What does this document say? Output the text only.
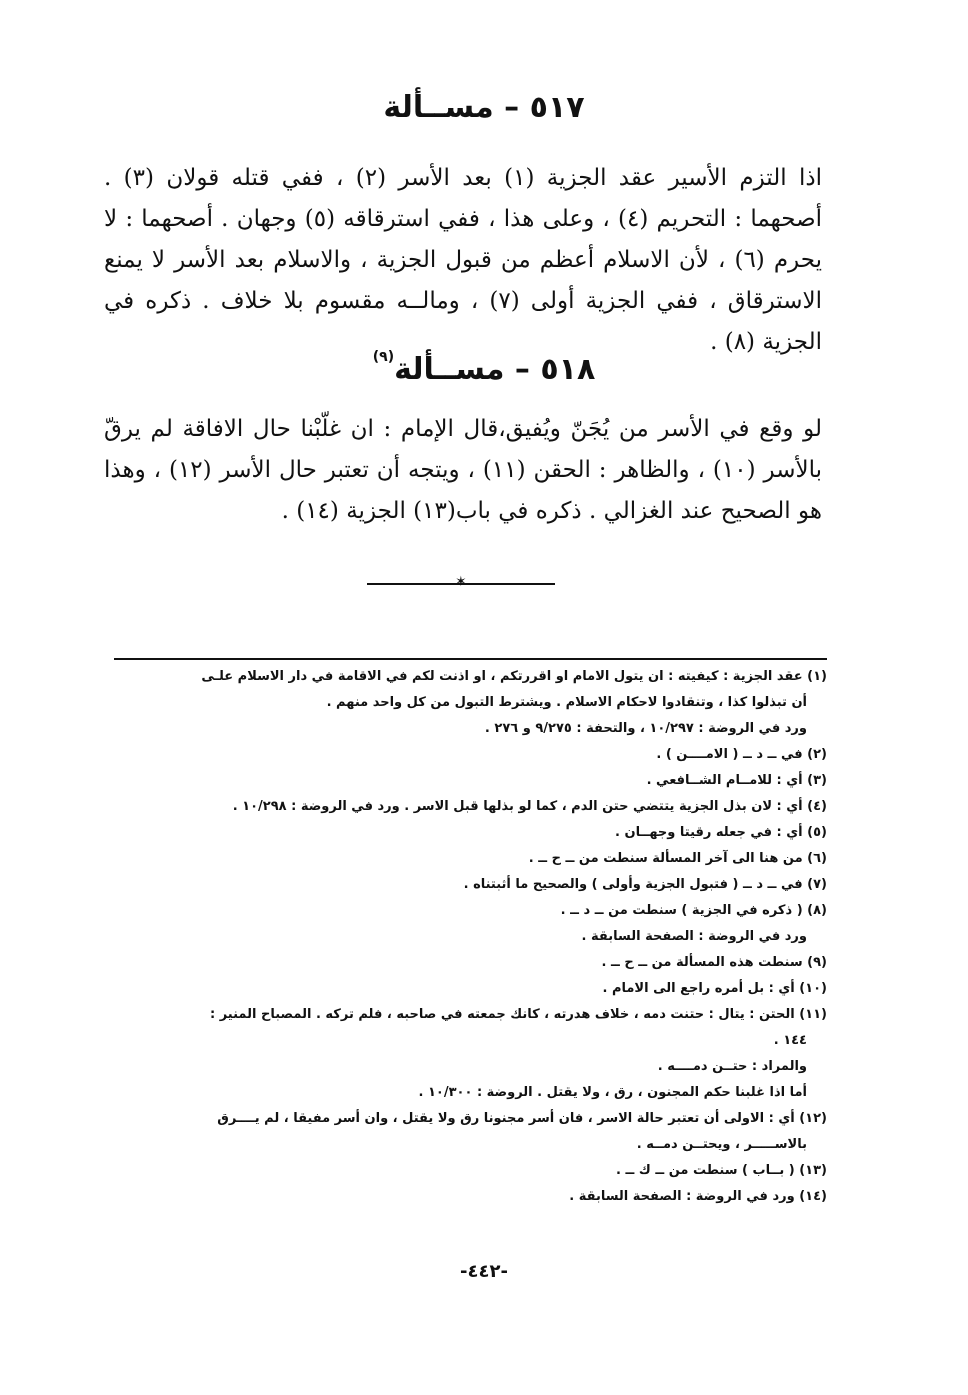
٥١٧ – مســألة
اذا التزم الأسير عقد الجزية (١) بعد الأسر (٢) ، ففي قتله قولان (٣) . أصحهما : التحريم (٤) ، وعلى هذا ، ففي استرقاقه (٥) وجهان . أصحهما : لا يحرم (٦) ، لأن الاسلام أعظم من قبول الجزية ، والاسلام بعد الأسر لا يمنع الاسترقاق ، ففي الجزية أولى (٧) ، ومالــه مقسوم بلا خلاف . ذكره في الجزية (٨) .
٥١٨ – مســألة$^{(٩)}$
لو وقع في الأسر من يُجَنّ ويُفيق،قال الإمام : ان غلّبْنا حال الافاقة لم يرقّ بالأسر (١٠) ، والظاهر : الحقن (١١) ، ويتجه أن تعتبر حال الأسر (١٢) ، وهذا هو الصحيح عند الغزالي . ذكره في باب(١٣) الجزية (١٤) .
✶
(١) عقد الجزية : كيفيته : ان يتول الامام او اقررتكم ، او اذنت لكم في الاقامة في دار الاسلام علـى
أن تبذلوا كذا ، وتنقادوا لاحكام الاسلام . ويشترط التبول من كل واحد منهم .
ورد في الروضة : ١٠/٢٩٧ ، والتحفة : ٩/٢٧٥ و ٢٧٦ .
(٢) في ــ د ــ ( الامــــن ) .
(٣) أي : للامــام الشــافعي .
(٤) أي : لان بذل الجزية يتتضي حتن الدم ، كما لو بذلها قبل الاسر . ورد في الروضة : ١٠/٢٩٨ .
(٥) أي : في جعله رقيتا وجهــان .
(٦) من هنا الى آخر المسألة سنطت من ــ ح ــ .
(٧) في ــ د ــ ( فتبول الجزية وأولى ) والصحيح ما أثبتناه .
(٨) ( ذكره في الجزية ) سنطت من ــ د ــ .
ورد في الروضة : الصفحة السابقة .
(٩) سنطت هذه المسألة من ــ ح ــ .
(١٠) أي : بل أمره راجع الى الامام .
(١١) الحتن : يتال : حتنت دمه ، خلاف هدرته ، كانك جمعته في صاحبه ، فلم تركه . المصباح المنير :
١٤٤ .
والمراد : حتــن دمــــه .
أما اذا غلبنا حكم المجنون ، رق ، ولا يقتل . الروضة : ١٠/٣٠٠ .
(١٢) أي : الاولى أن تعتبر حالة الاسر ، فان أسر مجنونا رق ولا يقتل ، وان أسر مفيقا ، لم يــــرق
بالاســـــر ، ويحتــن دمــه .
(١٣) ( بــاب ) سنطت من ــ ك ــ .
(١٤) ورد في الروضة : الصفحة السابقة .
-٤٤٢-
